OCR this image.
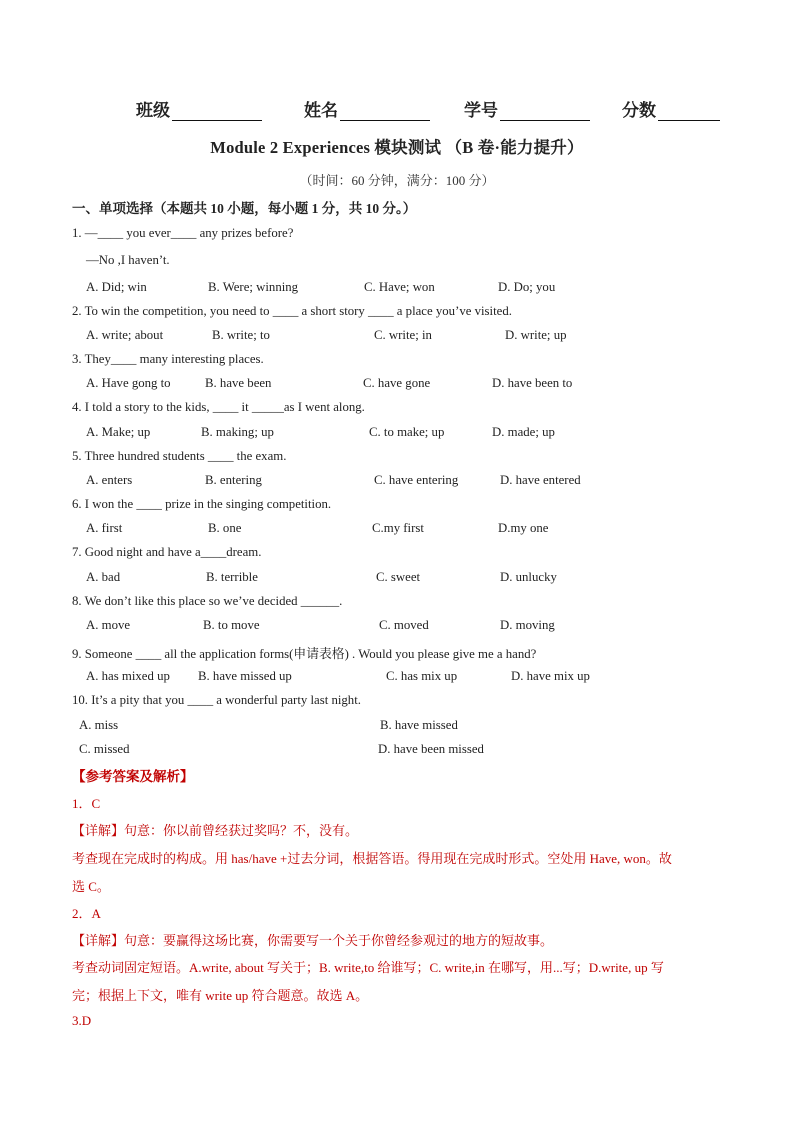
班级	姓名	学号	分数
Module 2 Experiences 模块测试 （B 卷·能力提升）
（时间：60 分钟，满分：100 分）
一、单项选择（本题共 10 小题，每小题 1 分，共 10 分。）
1. —____ you ever____ any prizes before?
—No ,I haven’t.
A. Did; win	B. Were; winning	C. Have; won	D. Do; you
2. To win the competition, you need to ____ a short story ____ a place you’ve visited.
A. write; about	B. write; to	C. write; in	D. write; up
3. They____ many interesting places.
A. Have gong to	B. have been	C. have gone	D. have been to
4. I told a story to the kids, ____ it _____as I went along.
A. Make; up	B. making; up	C. to make; up	D. made; up
5. Three hundred students ____ the exam.
A. enters	B. entering	C. have entering	D. have entered
6. I won the ____ prize in the singing competition.
A. first	B. one	C.my first	D.my one
7. Good night and have a____dream.
A. bad	B. terrible	C. sweet	D. unlucky
8. We don’t like this place so we’ve decided ______.
A. move	B. to move	C. moved	D. moving
9. Someone ____ all the application forms(申请表格) . Would you please give me a hand?
A. has mixed up B. have missed up	C. has mix up	D. have mix up
10. It’s a pity that you ____ a wonderful party last night.
A. miss	B. have missed
C. missed	D. have been missed
【参考答案及解析】
1．C
【详解】句意：你以前曾经获过奖吗？不，没有。
考查现在完成时的构成。用 has/have +过去分词，根据答语。得用现在完成时形式。空处用 Have, won。故
选 C。
2．A
【详解】句意：要赢得这场比赛，你需要写一个关于你曾经参观过的地方的短故事。
考查动词固定短语。A.write, about 写关于；B. write,to 给谁写；C. write,in 在哪写，用...写；D.write, up 写
完；根据上下文，唯有 write up 符合题意。故选 A。
3.D
